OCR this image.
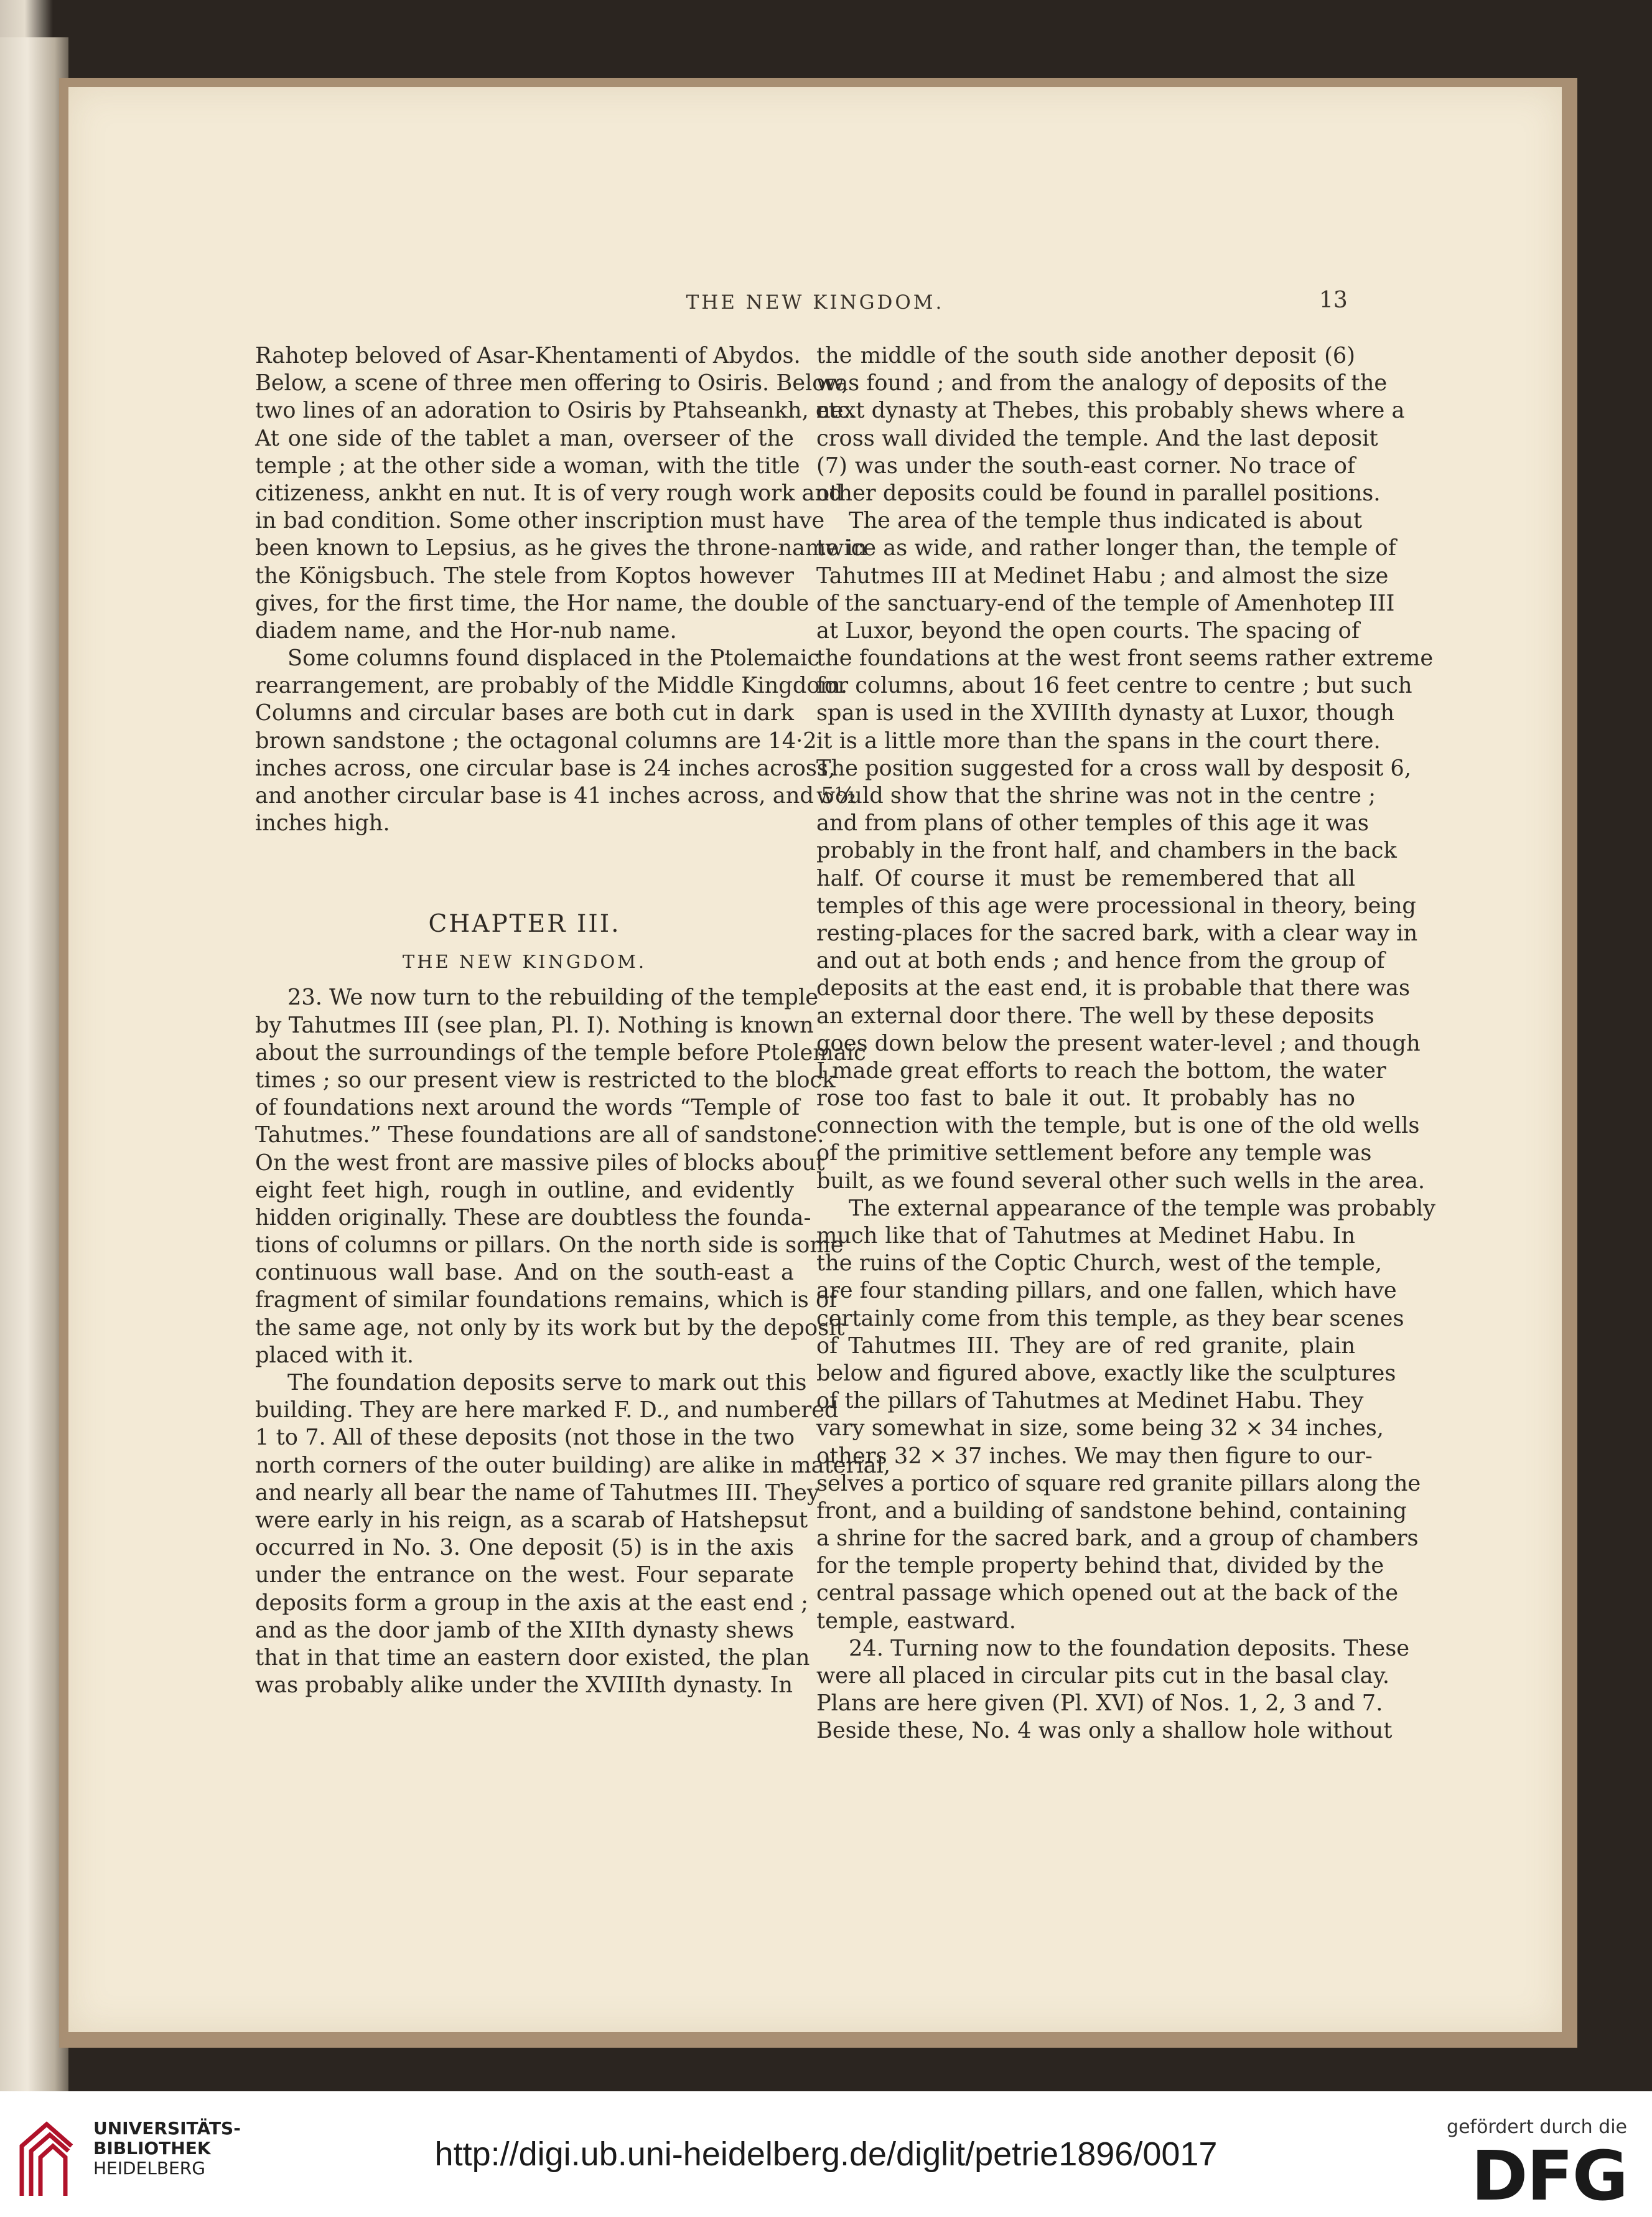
THE NEW KINGDOM.	13
Rahotep beloved of Asar-Khentamenti of Abydos.
Below, a scene of three men offering to Osiris. Below,
two lines of an adoration to Osiris by Ptahseankh, etc.
At one side of the tablet a man, overseer of the
temple ; at the other side a woman, with the title
citizeness, ankht en nut. It is of very rough work and
in bad condition. Some other inscription must have
been known to Lepsius, as he gives the throne-name in
the Königsbuch. The stele from Koptos however
gives, for the first time, the Hor name, the double
diadem name, and the Hor-nub name.
Some columns found displaced in the Ptolemaic
rearrangement, are probably of the Middle Kingdom.
Columns and circular bases are both cut in dark
brown sandstone ; the octagonal columns are 14·2
inches across, one circular base is 24 inches across,
and another circular base is 41 inches across, and 5½
inches high.
CHAPTER III.
THE NEW KINGDOM.
23. We now turn to the rebuilding of the temple
by Tahutmes III (see plan, Pl. I). Nothing is known
about the surroundings of the temple before Ptolemaic
times ; so our present view is restricted to the block
of foundations next around the words “Temple of
Tahutmes.” These foundations are all of sandstone.
On the west front are massive piles of blocks about
eight feet high, rough in outline, and evidently
hidden originally. These are doubtless the founda-
tions of columns or pillars. On the north side is some
continuous wall base. And on the south-east a
fragment of similar foundations remains, which is of
the same age, not only by its work but by the deposit
placed with it.
The foundation deposits serve to mark out this
building. They are here marked F. D., and numbered
1 to 7. All of these deposits (not those in the two
north corners of the outer building) are alike in material,
and nearly all bear the name of Tahutmes III. They
were early in his reign, as a scarab of Hatshepsut
occurred in No. 3. One deposit (5) is in the axis
under the entrance on the west. Four separate
deposits form a group in the axis at the east end ;
and as the door jamb of the XIIth dynasty shews
that in that time an eastern door existed, the plan
was probably alike under the XVIIIth dynasty. In
the middle of the south side another deposit (6)
was found ; and from the analogy of deposits of the
next dynasty at Thebes, this probably shews where a
cross wall divided the temple. And the last deposit
(7) was under the south-east corner. No trace of
other deposits could be found in parallel positions.
The area of the temple thus indicated is about
twice as wide, and rather longer than, the temple of
Tahutmes III at Medinet Habu ; and almost the size
of the sanctuary-end of the temple of Amenhotep III
at Luxor, beyond the open courts. The spacing of
the foundations at the west front seems rather extreme
for columns, about 16 feet centre to centre ; but such
span is used in the XVIIIth dynasty at Luxor, though
it is a little more than the spans in the court there.
The position suggested for a cross wall by desposit 6,
would show that the shrine was not in the centre ;
and from plans of other temples of this age it was
probably in the front half, and chambers in the back
half. Of course it must be remembered that all
temples of this age were processional in theory, being
resting-places for the sacred bark, with a clear way in
and out at both ends ; and hence from the group of
deposits at the east end, it is probable that there was
an external door there. The well by these deposits
goes down below the present water-level ; and though
I made great efforts to reach the bottom, the water
rose too fast to bale it out. It probably has no
connection with the temple, but is one of the old wells
of the primitive settlement before any temple was
built, as we found several other such wells in the area.
The external appearance of the temple was probably
much like that of Tahutmes at Medinet Habu. In
the ruins of the Coptic Church, west of the temple,
are four standing pillars, and one fallen, which have
certainly come from this temple, as they bear scenes
of Tahutmes III. They are of red granite, plain
below and figured above, exactly like the sculptures
of the pillars of Tahutmes at Medinet Habu. They
vary somewhat in size, some being 32 × 34 inches,
others 32 × 37 inches. We may then figure to our-
selves a portico of square red granite pillars along the
front, and a building of sandstone behind, containing
a shrine for the sacred bark, and a group of chambers
for the temple property behind that, divided by the
central passage which opened out at the back of the
temple, eastward.
24. Turning now to the foundation deposits. These
were all placed in circular pits cut in the basal clay.
Plans are here given (Pl. XVI) of Nos. 1, 2, 3 and 7.
Beside these, No. 4 was only a shallow hole without
UNIVERSITÄTS-
BIBLIOTHEK
HEIDELBERG	http://digi.ub.uni-heidelberg.de/diglit/petrie1896/0017
gefördert durch die
DFG
